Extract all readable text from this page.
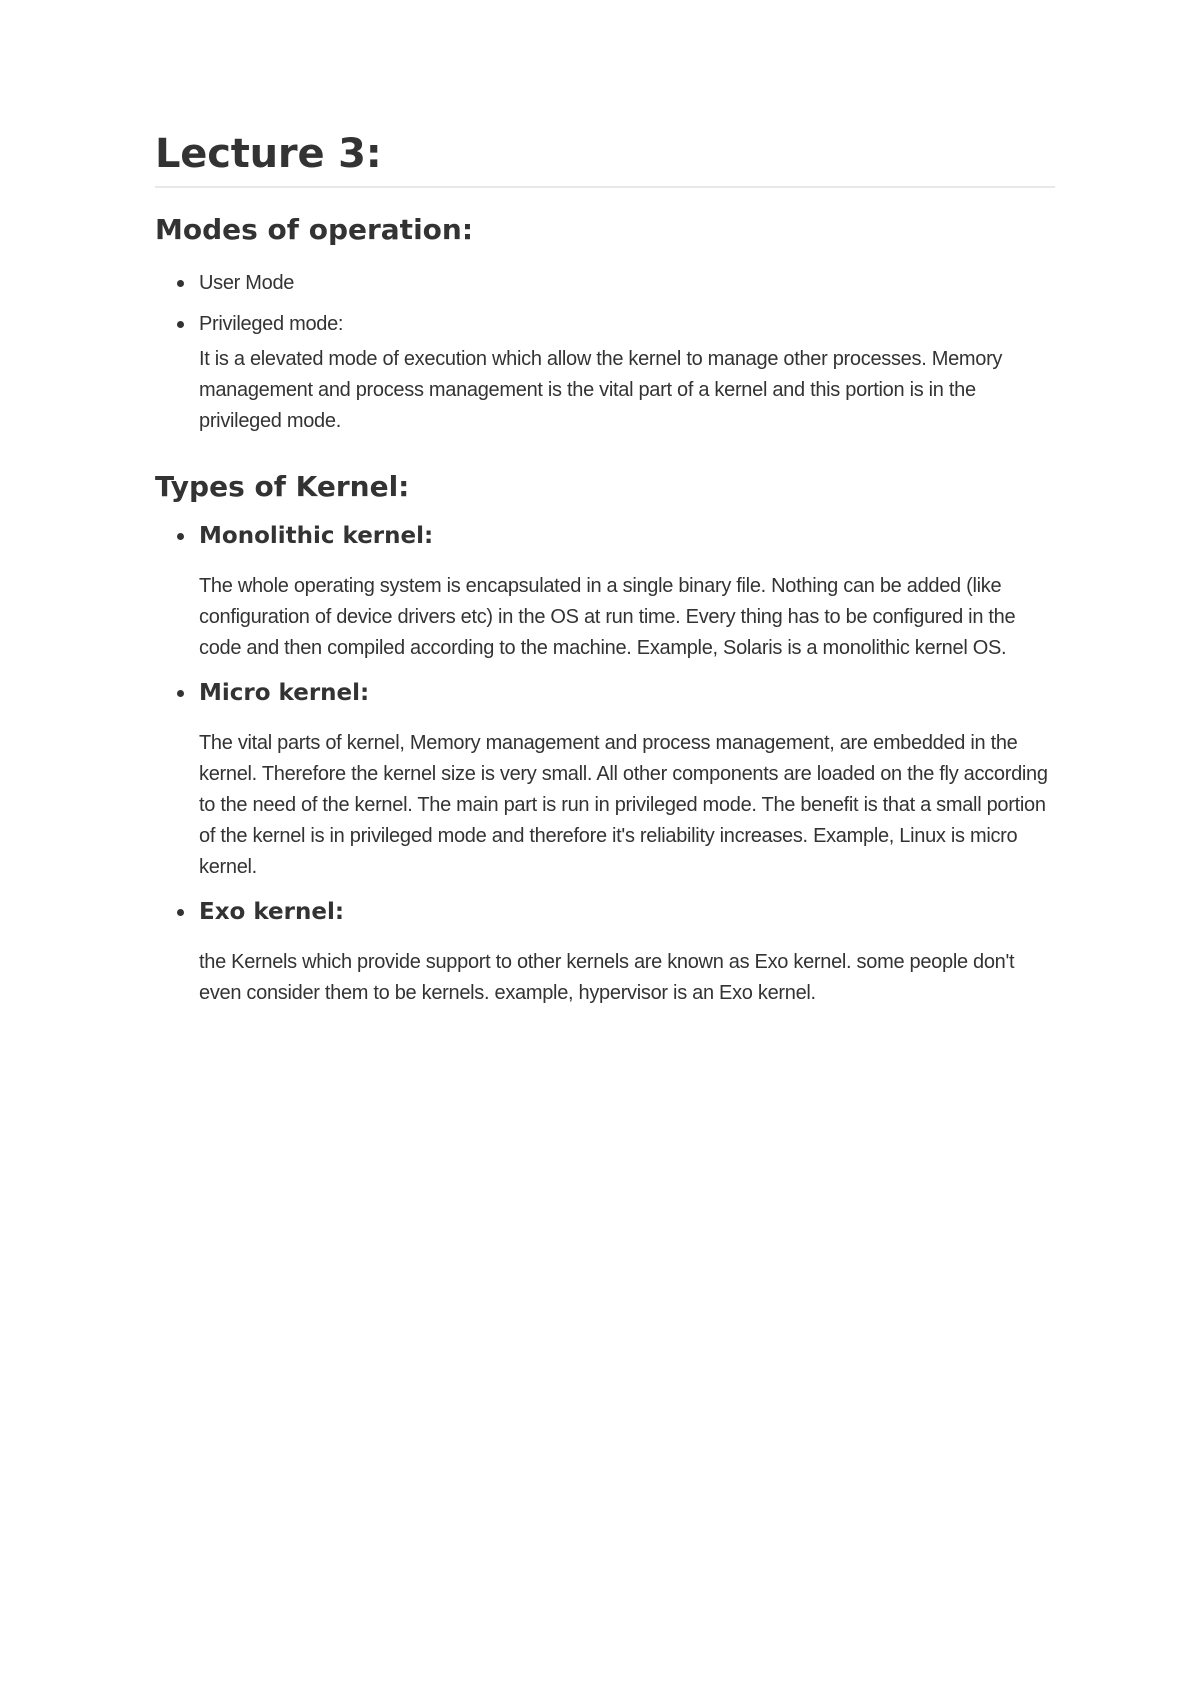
Lecture 3:
Modes of operation:
User Mode
Privileged mode:

It is a elevated mode of execution which allow the kernel to manage other processes. Memory management and process management is the vital part of a kernel and this portion is in the privileged mode.

Types of Kernel:
Monolithic kernel:

The whole operating system is encapsulated in a single binary file. Nothing can be added (like configuration of device drivers etc) in the OS at run time. Every thing has to be configured in the code and then compiled according to the machine. Example, Solaris is a monolithic kernel OS.

Micro kernel:

The vital parts of kernel, Memory management and process management, are embedded in the kernel. Therefore the kernel size is very small. All other components are loaded on the fly according to the need of the kernel. The main part is run in privileged mode. The benefit is that a small portion of the kernel is in privileged mode and therefore it's reliability increases. Example, Linux is micro kernel.

Exo kernel:

the Kernels which provide support to other kernels are known as Exo kernel. some people don't even consider them to be kernels. example, hypervisor is an Exo kernel.
